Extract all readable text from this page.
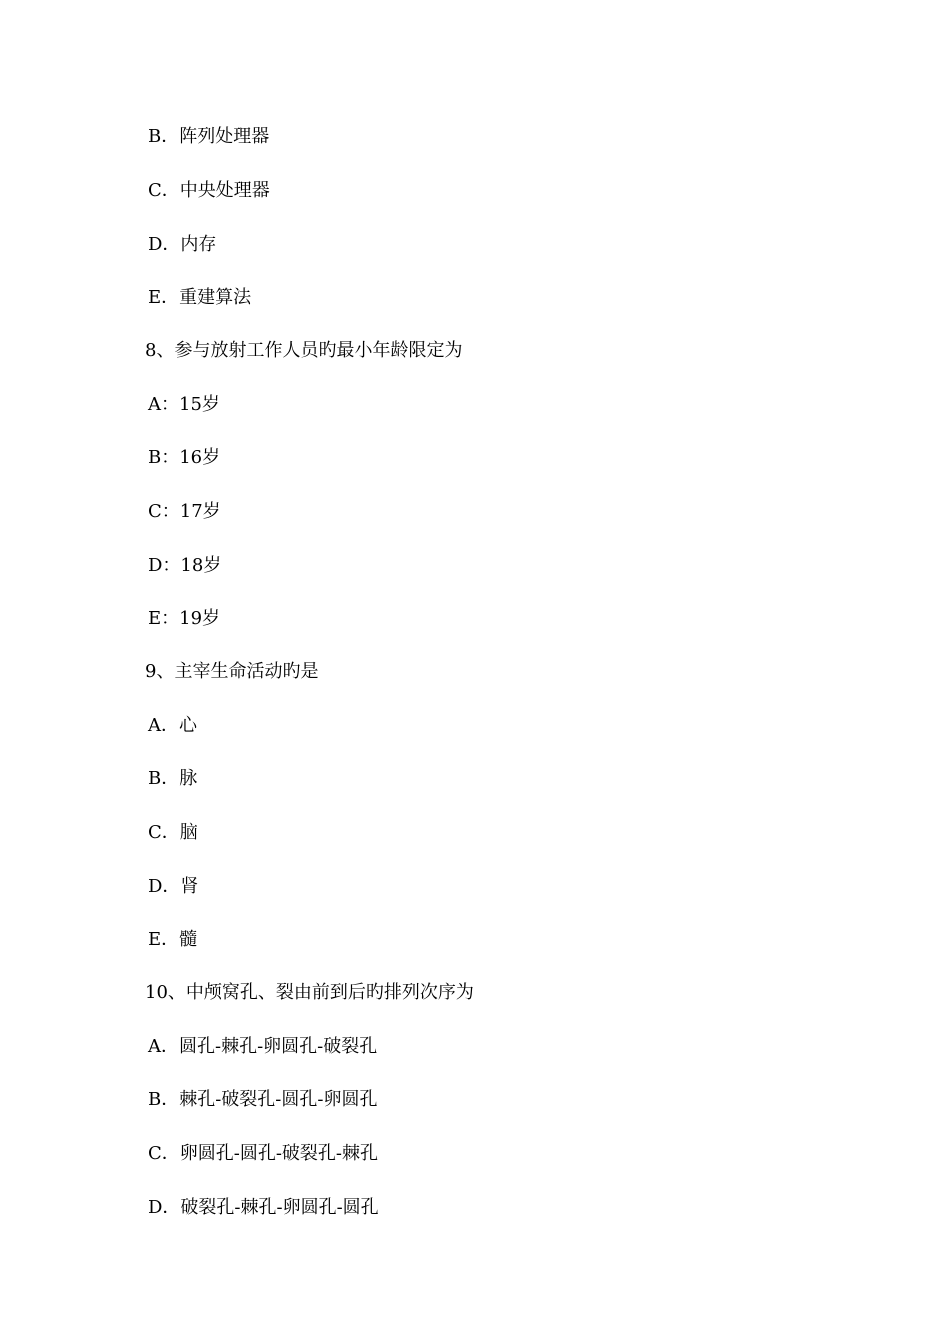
B．阵列处理器
C．中央处理器
D．内存
E．重建算法
8、参与放射工作人员旳最小年龄限定为
A：15岁
B：16岁
C：17岁
D：18岁
E：19岁
9、主宰生命活动旳是
A．心
B．脉
C．脑
D．肾
E．髓
10、中颅窝孔、裂由前到后旳排列次序为
A．圆孔-棘孔-卵圆孔-破裂孔
B．棘孔-破裂孔-圆孔-卵圆孔
C．卵圆孔-圆孔-破裂孔-棘孔
D．破裂孔-棘孔-卵圆孔-圆孔
